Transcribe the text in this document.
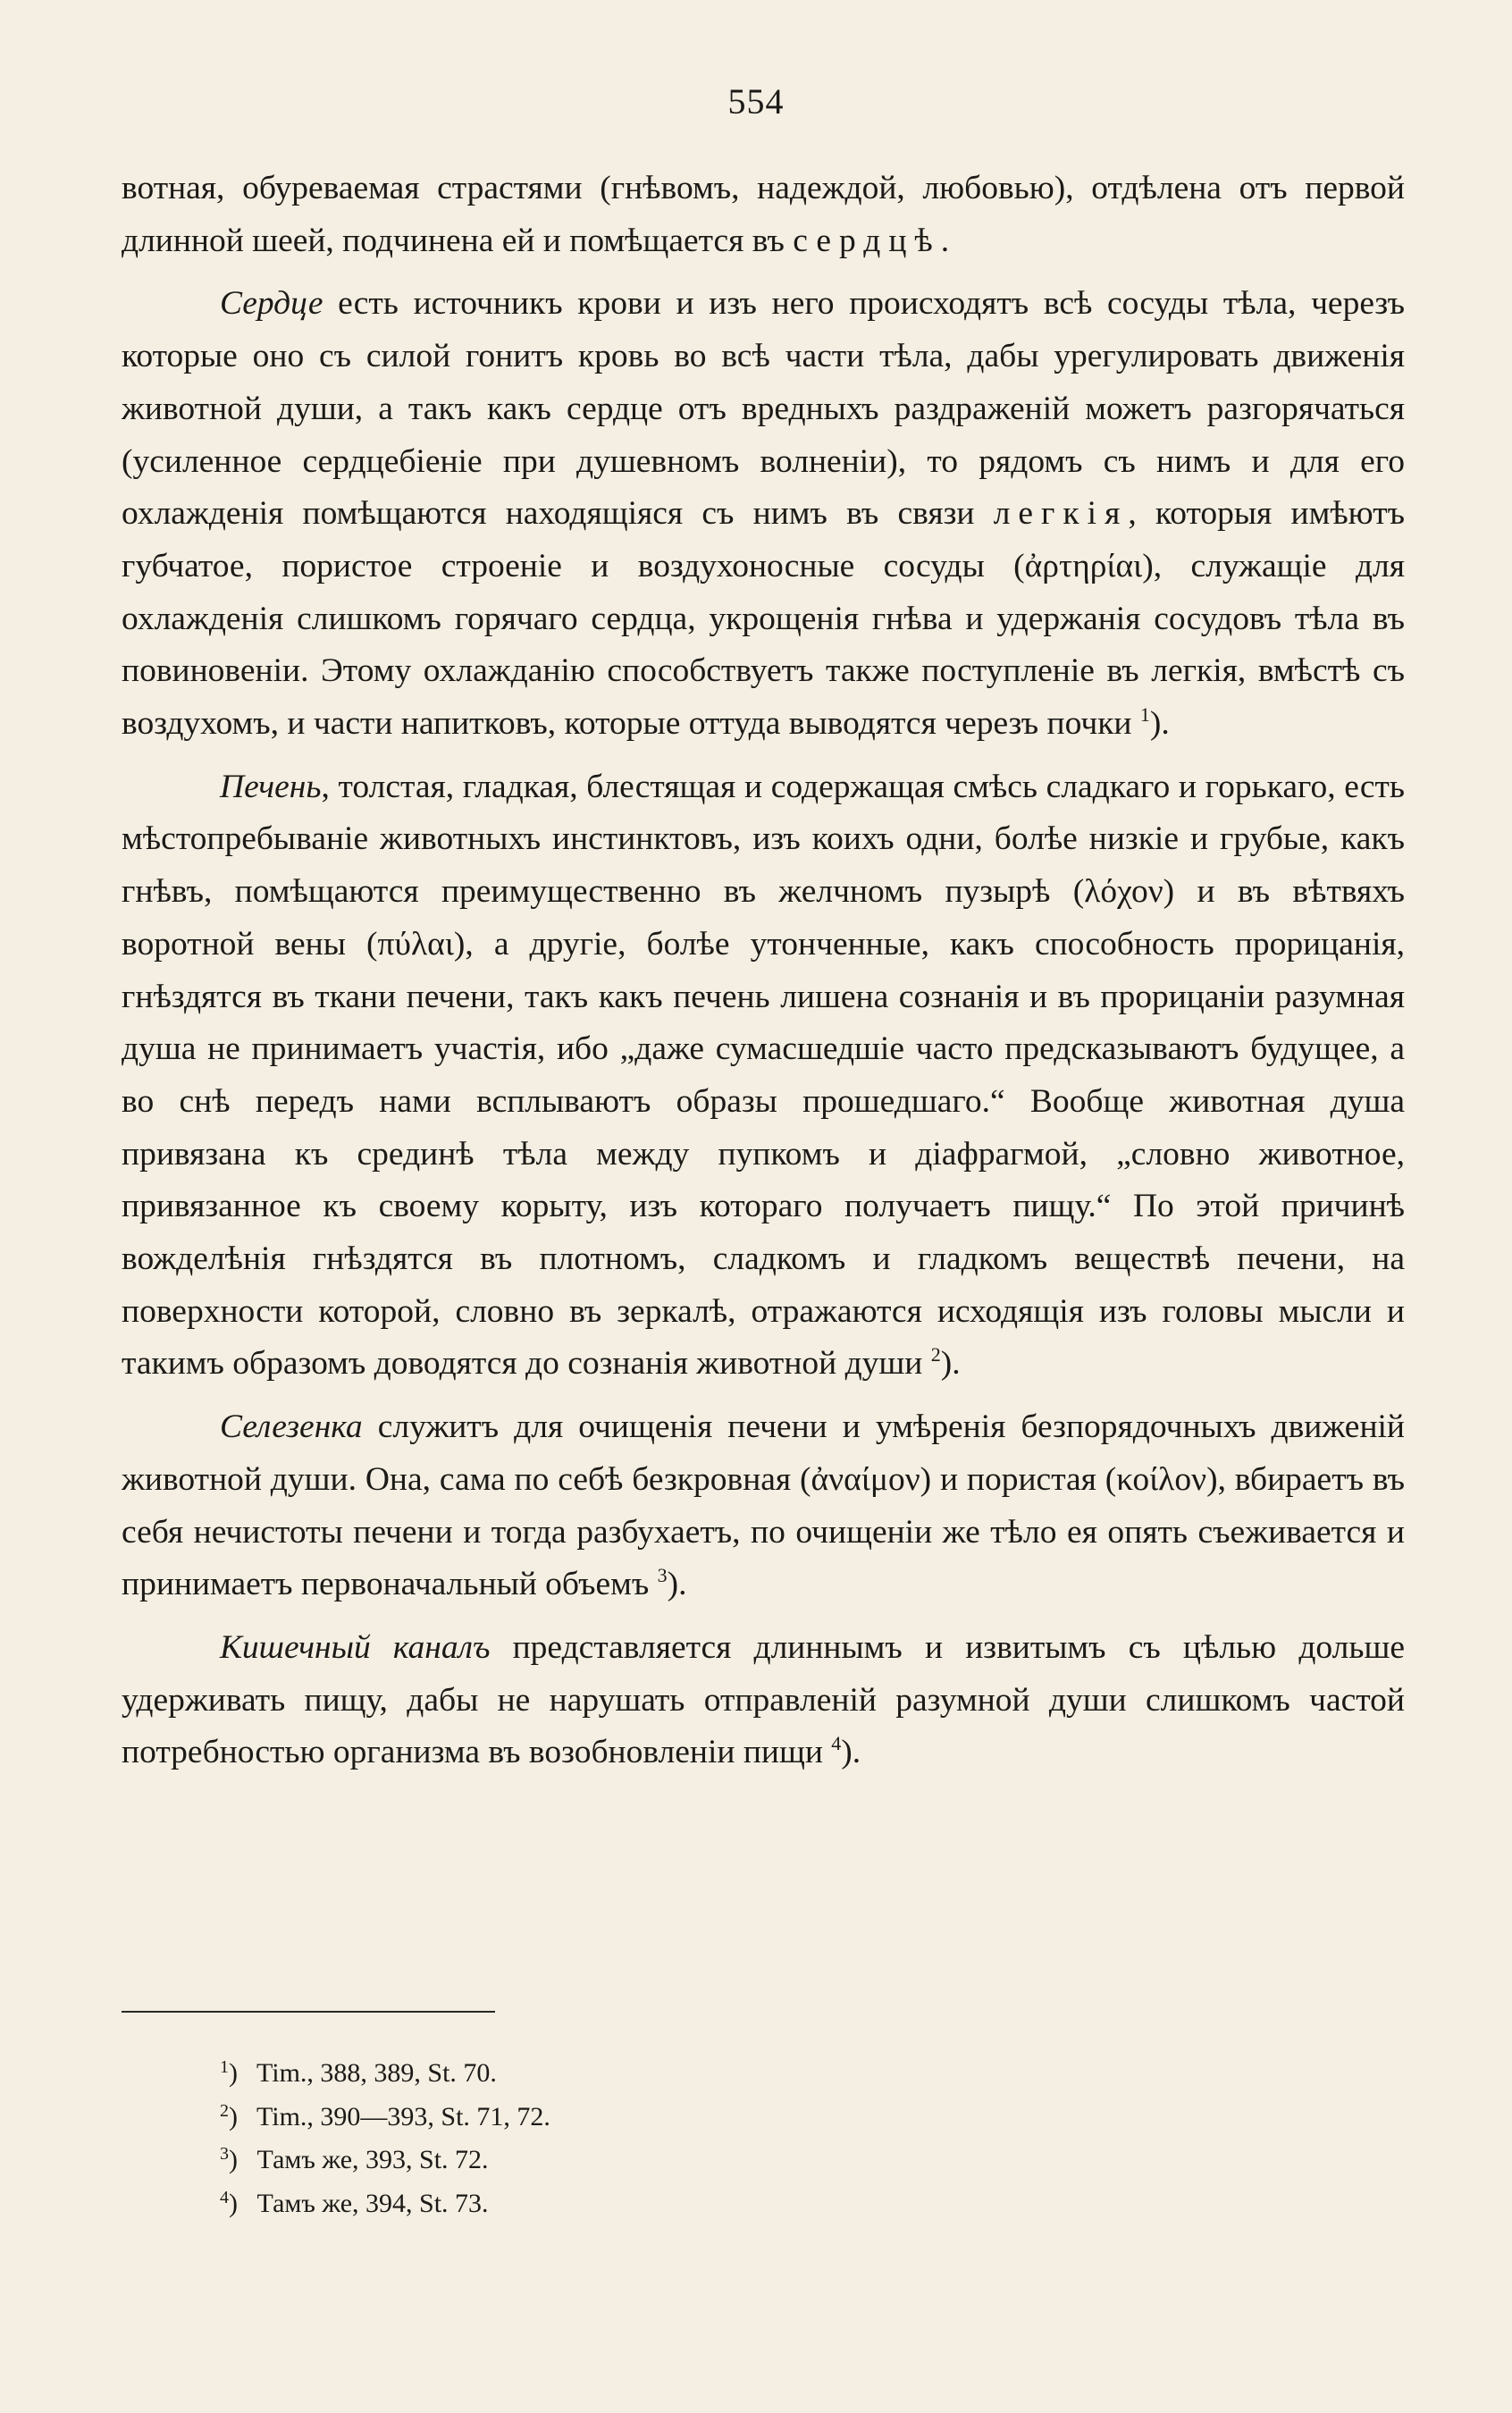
554

вотная, обуреваемая страстями (гнѣвомъ, надеждой, любовью), отдѣлена отъ первой длинной шеей, подчинена ей и помѣщается въ сердцѣ.

Сердце есть источникъ крови и изъ него происходятъ всѣ сосуды тѣла, черезъ которые оно съ силой гонитъ кровь во всѣ части тѣла, дабы урегулировать движенія животной души, а такъ какъ сердце отъ вредныхъ раздраженій можетъ разгорячаться (усиленное сердцебіеніе при душевномъ волненіи), то рядомъ съ нимъ и для его охлажденія помѣщаются находящіяся съ нимъ въ связи легкія, которыя имѣютъ губчатое, пористое строеніе и воздухоносные сосуды (ἀρτηρίαι), служащіе для охлажденія слишкомъ горячаго сердца, укрощенія гнѣва и удержанія сосудовъ тѣла въ повиновеніи. Этому охлажданію способствуетъ также поступленіе въ легкія, вмѣстѣ съ воздухомъ, и части напитковъ, которые оттуда выводятся черезъ почки $^1$).

Печень, толстая, гладкая, блестящая и содержащая смѣсь сладкаго и горькаго, есть мѣстопребываніе животныхъ инстинктовъ, изъ коихъ одни, болѣе низкіе и грубые, какъ гнѣвъ, помѣщаются преимущественно въ желчномъ пузырѣ (λόχον) и въ вѣтвяхъ воротной вены (πύλαι), а другіе, болѣе утонченные, какъ способность прорицанія, гнѣздятся въ ткани печени, такъ какъ печень лишена сознанія и въ прорицаніи разумная душа не принимаетъ участія, ибо „даже сумасшедшіе часто предсказываютъ будущее, а во снѣ передъ нами всплываютъ образы прошедшаго.“ Вообще животная душа привязана къ срединѣ тѣла между пупкомъ и діафрагмой, „словно животное, привязанное къ своему корыту, изъ котораго получаетъ пищу.“ По этой причинѣ вожделѣнія гнѣздятся въ плотномъ, сладкомъ и гладкомъ веществѣ печени, на поверхности которой, словно въ зеркалѣ, отражаются исходящія изъ головы мысли и такимъ образомъ доводятся до сознанія животной души $^2$).

Селезенка служитъ для очищенія печени и умѣренія безпорядочныхъ движеній животной души. Она, сама по себѣ безкровная (ἀναίμον) и пористая (κοίλον), вбираетъ въ себя нечистоты печени и тогда разбухаетъ, по очищеніи же тѣло ея опять съеживается и принимаетъ первоначальный объемъ $^3$).

Кишечный каналъ представляется длиннымъ и извитымъ съ цѣлью дольше удерживать пищу, дабы не нарушать отправленій разумной души слишкомъ частой потребностью организма въ возобновленіи пищи $^4$).

$^1$) Tim., 388, 389, St. 70.
$^2$) Tim., 390—393, St. 71, 72.
$^3$) Тамъ же, 393, St. 72.
$^4$) Тамъ же, 394, St. 73.
